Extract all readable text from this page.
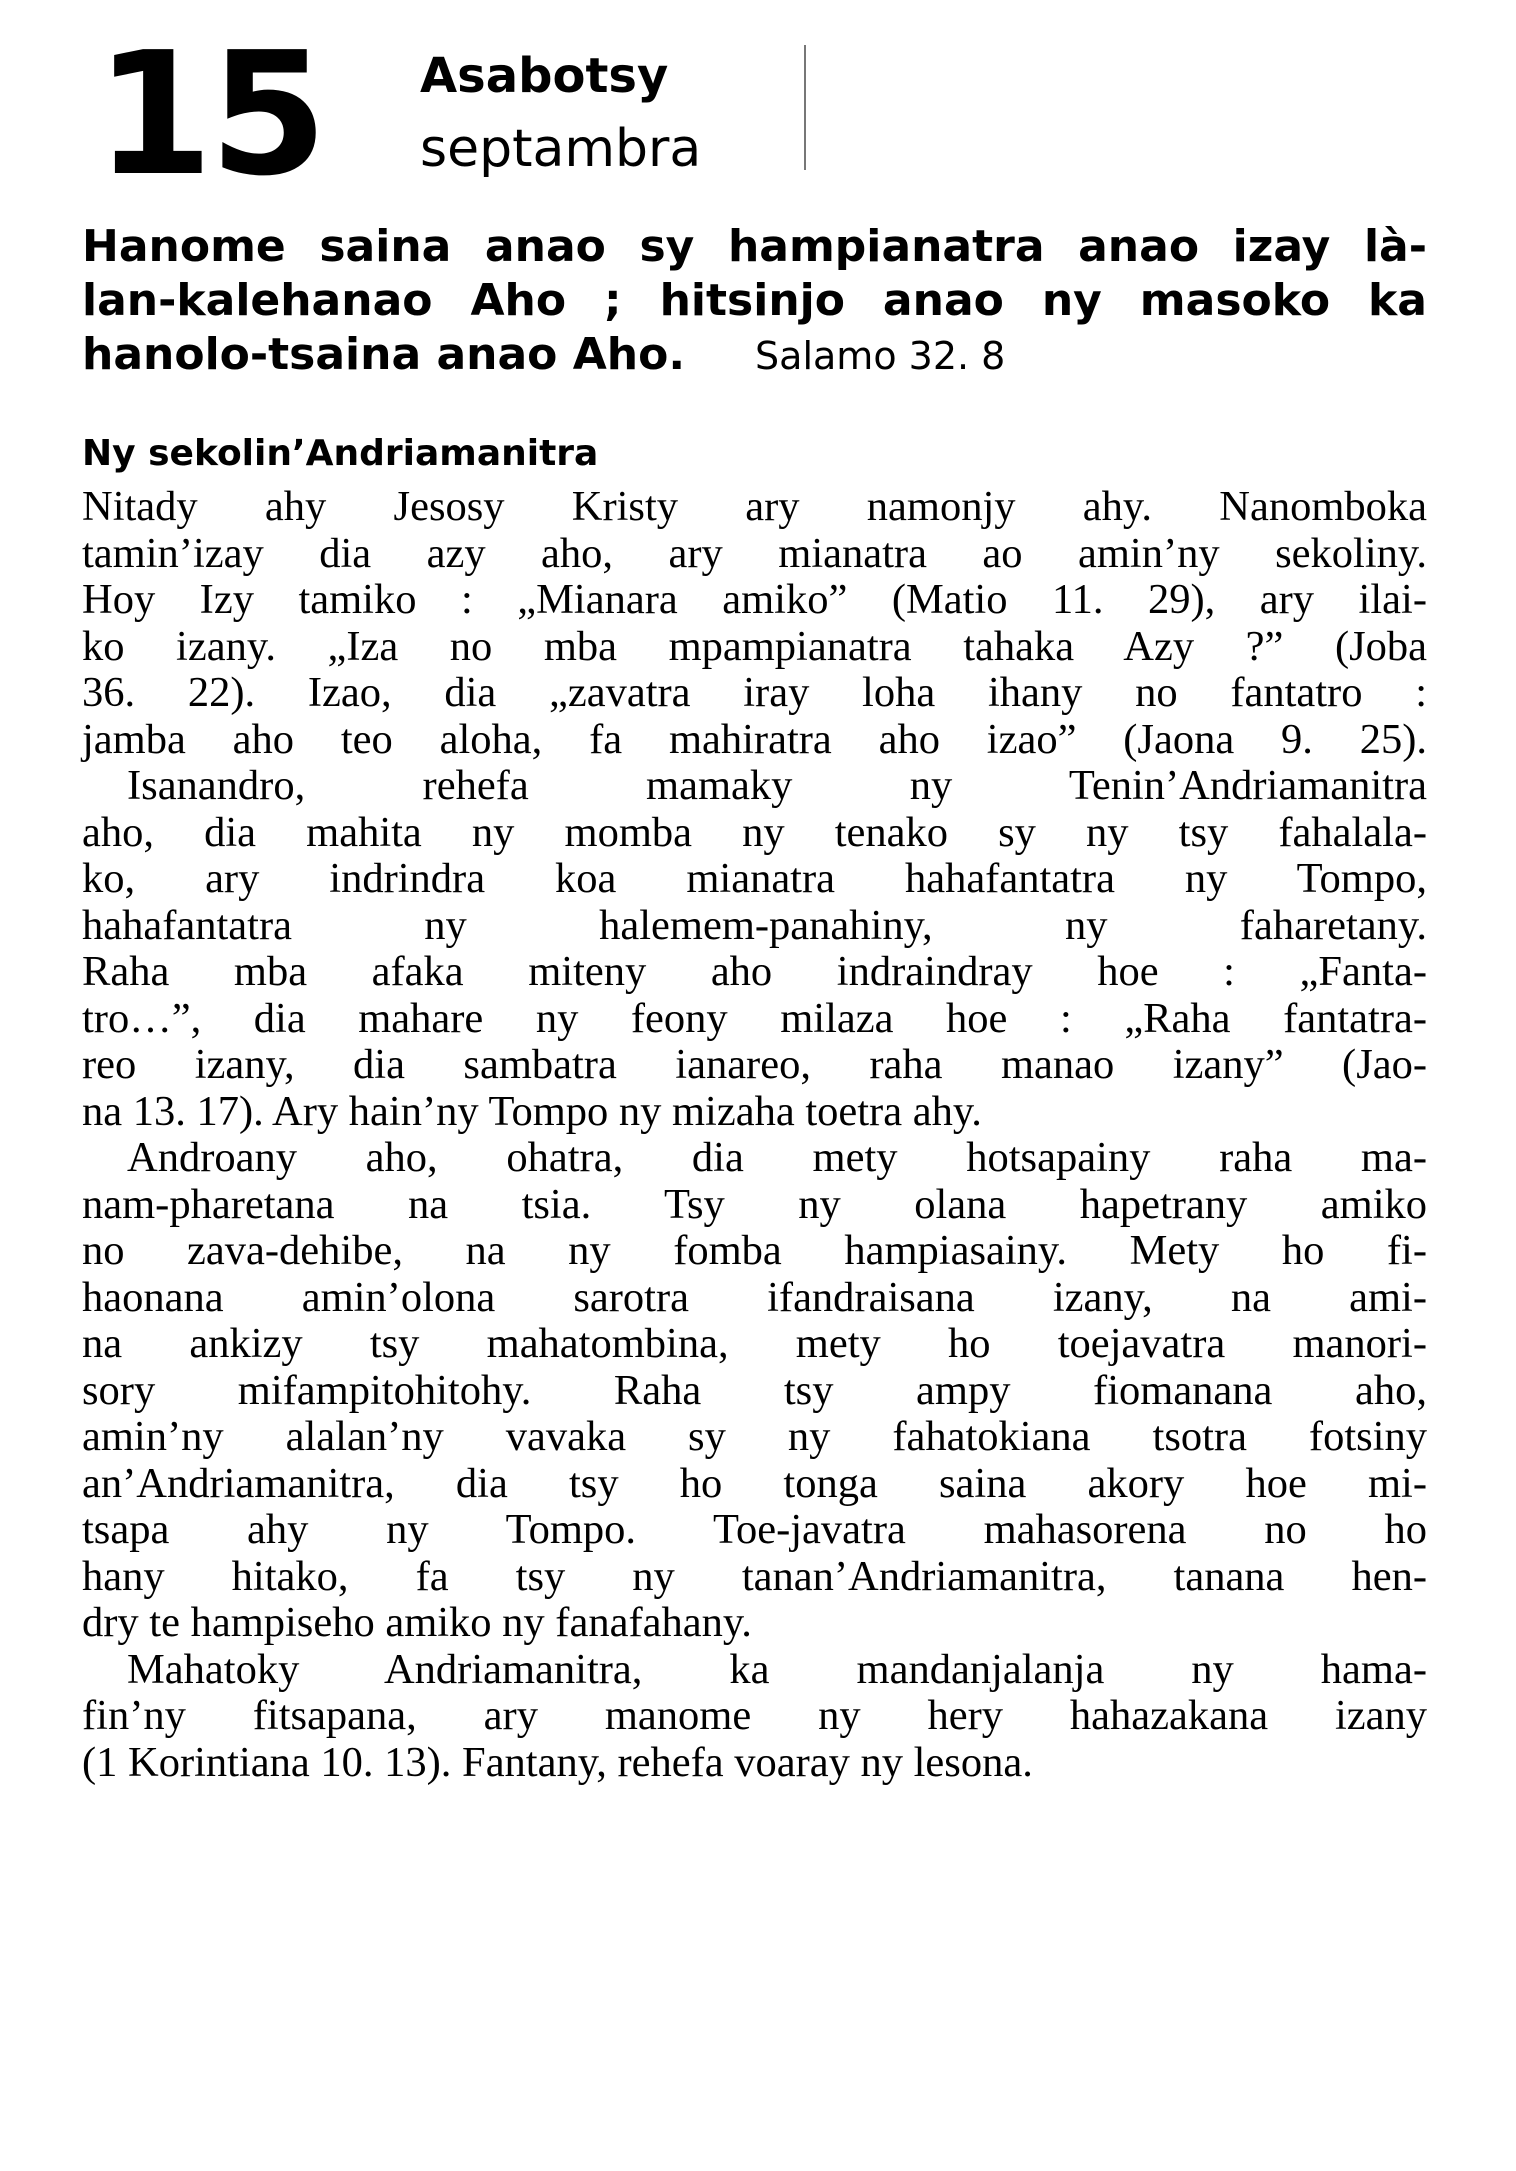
15 Asabotsy
septambra
Hanome saina anao sy hampianatra anao izay là-
lan-kalehanao Aho ; hitsinjo anao ny masoko ka
hanolo-tsaina anao Aho. Salamo 32. 8
Ny sekolin’Andriamanitra
Nitady ahy Jesosy Kristy ary namonjy ahy. Nanomboka
tamin’izay dia azy aho, ary mianatra ao amin’ny sekoliny.
Hoy Izy tamiko : „Mianara amiko” (Matio 11. 29), ary ilai-
ko izany. „Iza no mba mpampianatra tahaka Azy ?” (Joba
36. 22). Izao, dia „zavatra iray loha ihany no fantatro :
jamba aho teo aloha, fa mahiratra aho izao” (Jaona 9. 25).
Isanandro, rehefa mamaky ny Tenin’Andriamanitra
aho, dia mahita ny momba ny tenako sy ny tsy fahalala-
ko, ary indrindra koa mianatra hahafantatra ny Tompo,
hahafantatra ny halemem-panahiny, ny faharetany.
Raha mba afaka miteny aho indraindray hoe : „Fanta-
tro…”, dia mahare ny feony milaza hoe : „Raha fantatra-
reo izany, dia sambatra ianareo, raha manao izany” (Jao-
na 13. 17). Ary hain’ny Tompo ny mizaha toetra ahy.
Androany aho, ohatra, dia mety hotsapainy raha ma-
nam-pharetana na tsia. Tsy ny olana hapetrany amiko
no zava-dehibe, na ny fomba hampiasainy. Mety ho fi-
haonana amin’olona sarotra ifandraisana izany, na ami-
na ankizy tsy mahatombina, mety ho toejavatra manori-
sory mifampitohitohy. Raha tsy ampy fiomanana aho,
amin’ny alalan’ny vavaka sy ny fahatokiana tsotra fotsiny
an’Andriamanitra, dia tsy ho tonga saina akory hoe mi-
tsapa ahy ny Tompo. Toe-javatra mahasorena no ho
hany hitako, fa tsy ny tanan’Andriamanitra, tanana hen-
dry te hampiseho amiko ny fanafahany.
Mahatoky Andriamanitra, ka mandanjalanja ny hama-
fin’ny fitsapana, ary manome ny hery hahazakana izany
(1 Korintiana 10. 13). Fantany, rehefa voaray ny lesona.
